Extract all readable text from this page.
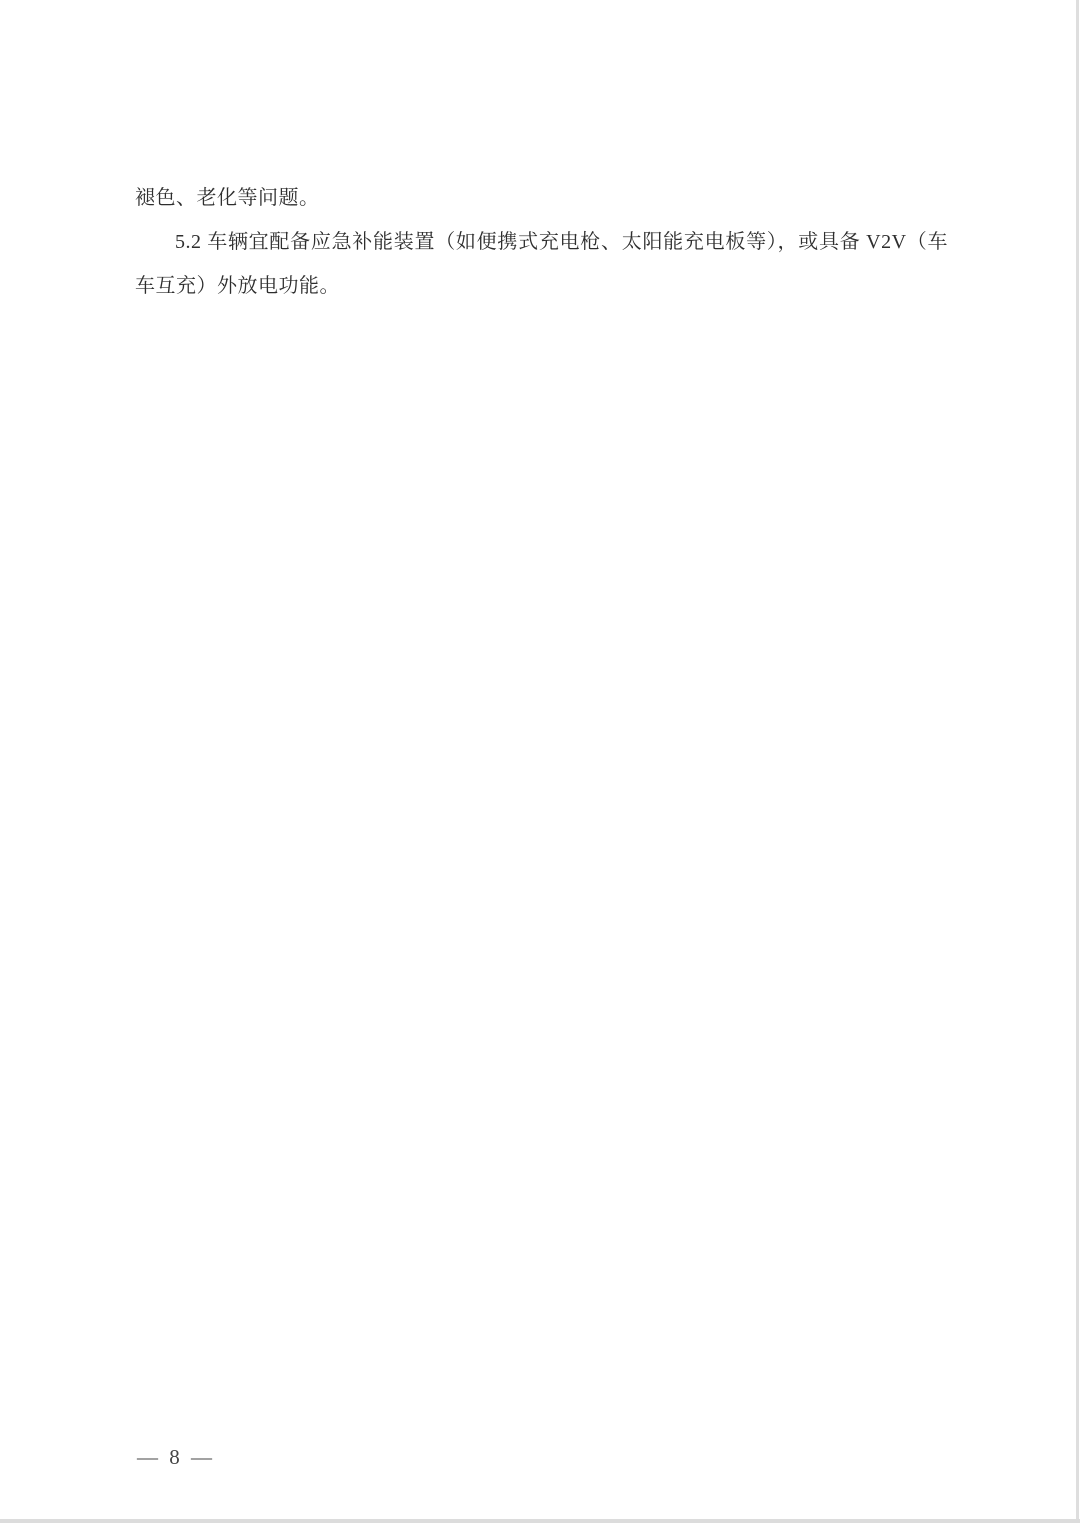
褪色、老化等问题。

5.2 车辆宜配备应急补能装置（如便携式充电枪、太阳能充电板等），或具备 V2V（车车互充）外放电功能。

— 8 —
